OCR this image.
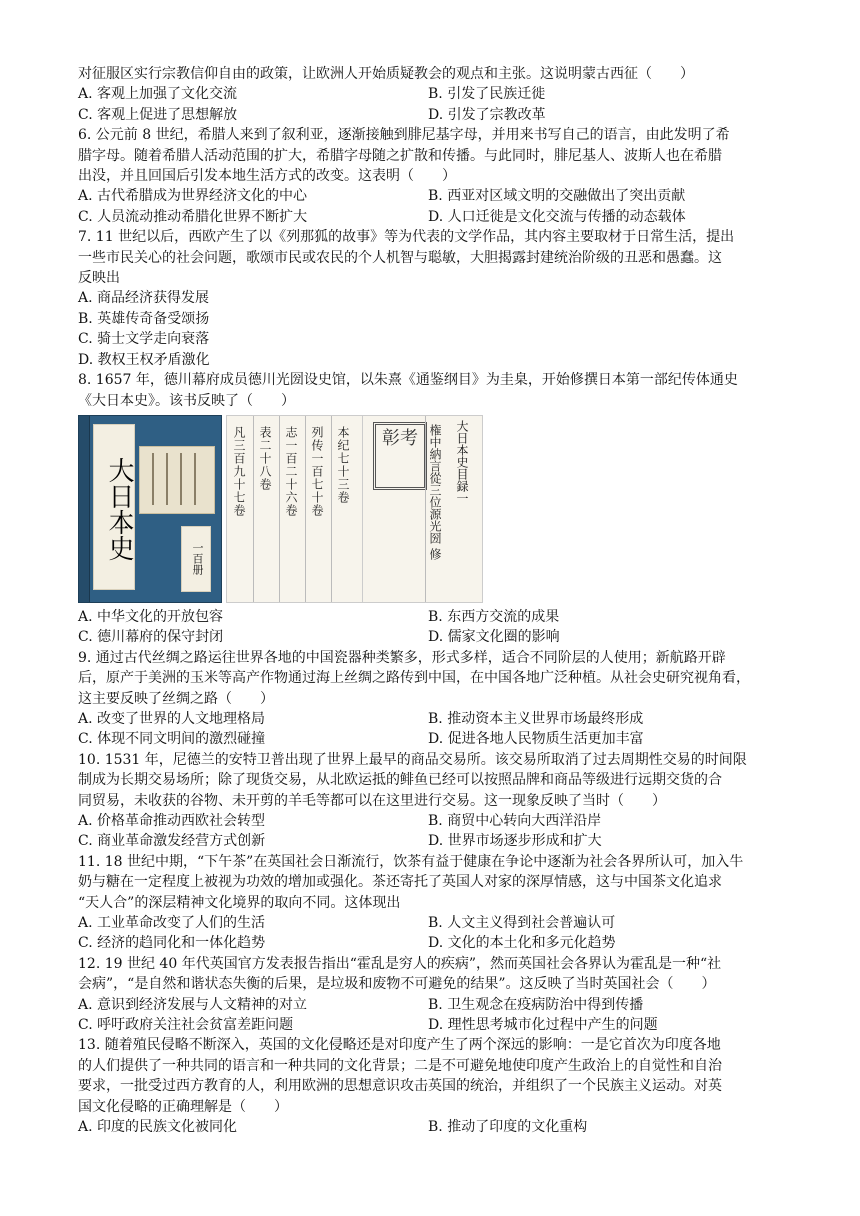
对征服区实行宗教信仰自由的政策，让欧洲人开始质疑教会的观点和主张。这说明蒙古西征（　　）

A. 客观上加强了文化交流	B. 引发了民族迁徙
C. 客观上促进了思想解放	D. 引发了宗教改革

6. 公元前 8 世纪，希腊人来到了叙利亚，逐渐接触到腓尼基字母，并用来书写自己的语言，由此发明了希

腊字母。随着希腊人活动范围的扩大，希腊字母随之扩散和传播。与此同时，腓尼基人、波斯人也在希腊

出没，并且回国后引发本地生活方式的改变。这表明（　　）

A. 古代希腊成为世界经济文化的中心	B. 西亚对区域文明的交融做出了突出贡献
C. 人员流动推动希腊化世界不断扩大	D. 人口迁徙是文化交流与传播的动态载体

7. 11 世纪以后，西欧产生了以《列那狐的故事》等为代表的文学作品，其内容主要取材于日常生活，提出

一些市民关心的社会问题，歌颂市民或农民的个人机智与聪敏，大胆揭露封建统治阶级的丑恶和愚蠢。这

反映出

A. 商品经济获得发展
B. 英雄传奇备受颂扬
C. 骑士文学走向衰落
D. 教权王权矛盾激化

8. 1657 年，德川幕府成员德川光圀设史馆，以朱熹《通鉴纲目》为圭臬，开始修撰日本第一部纪传体通史

《大日本史》。该书反映了（　　）

大日本史	一百册
本纪七十三卷
列传一百七十卷
志一百二十六卷
表二十八卷
凡三百九十七卷	彰考 権中納言從三位源光圀 修 大日本史目録一
A. 中华文化的开放包容	B. 东西方交流的成果
C. 德川幕府的保守封闭	D. 儒家文化圈的影响

9. 通过古代丝绸之路运往世界各地的中国瓷器种类繁多，形式多样，适合不同阶层的人使用；新航路开辟

后，原产于美洲的玉米等高产作物通过海上丝绸之路传到中国，在中国各地广泛种植。从社会史研究视角看，

这主要反映了丝绸之路（　　）

A. 改变了世界的人文地理格局	B. 推动资本主义世界市场最终形成
C. 体现不同文明间的激烈碰撞	D. 促进各地人民物质生活更加丰富

10. 1531 年，尼德兰的安特卫普出现了世界上最早的商品交易所。该交易所取消了过去周期性交易的时间限

制成为长期交易场所；除了现货交易，从北欧运抵的鲱鱼已经可以按照品牌和商品等级进行远期交货的合

同贸易，未收获的谷物、未开剪的羊毛等都可以在这里进行交易。这一现象反映了当时（　　）

A. 价格革命推动西欧社会转型	B. 商贸中心转向大西洋沿岸
C. 商业革命激发经营方式创新	D. 世界市场逐步形成和扩大

11. 18 世纪中期，“下午茶”在英国社会日渐流行，饮茶有益于健康在争论中逐渐为社会各界所认可，加入牛

奶与糖在一定程度上被视为功效的增加或强化。茶还寄托了英国人对家的深厚情感，这与中国茶文化追求

“天人合”的深层精神文化境界的取向不同。这体现出

A. 工业革命改变了人们的生活	B. 人文主义得到社会普遍认可
C. 经济的趋同化和一体化趋势	D. 文化的本土化和多元化趋势

12. 19 世纪 40 年代英国官方发表报告指出“霍乱是穷人的疾病”，然而英国社会各界认为霍乱是一种“社

会病”，“是自然和谐状态失衡的后果，是垃圾和废物不可避免的结果”。这反映了当时英国社会（　　）

A. 意识到经济发展与人文精神的对立	B. 卫生观念在疫病防治中得到传播
C. 呼吁政府关注社会贫富差距问题	D. 理性思考城市化过程中产生的问题

13. 随着殖民侵略不断深入，英国的文化侵略还是对印度产生了两个深远的影响：一是它首次为印度各地

的人们提供了一种共同的语言和一种共同的文化背景；二是不可避免地使印度产生政治上的自觉性和自治

要求，一批受过西方教育的人，利用欧洲的思想意识攻击英国的统治，并组织了一个民族主义运动。对英

国文化侵略的正确理解是（　　）

A. 印度的民族文化被同化	B. 推动了印度的文化重构
